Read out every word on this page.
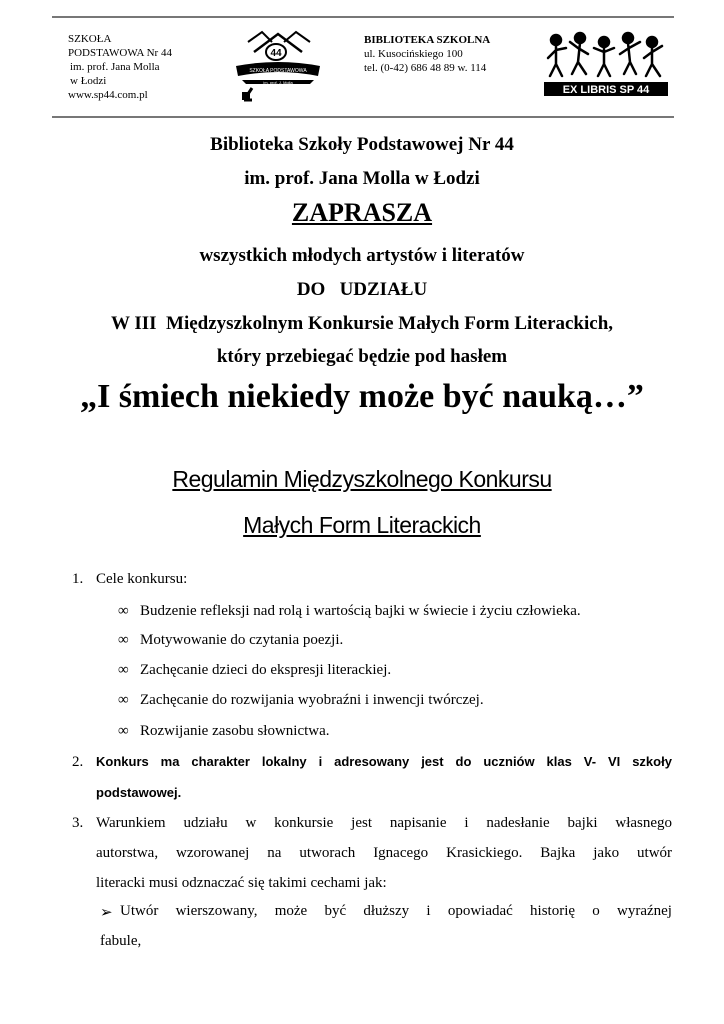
SZKOŁA
PODSTAWOWA Nr 44
im. prof. Jana Molla
w Łodzi
www.sp44.com.pl
44
SZKOŁA PODSTAWOWA
im. prof. J. Molla
BIBLIOTEKA SZKOLNA
ul. Kusocińskiego 100
tel. (0-42) 686 48 89 w. 114
EX LIBRIS SP 44
Biblioteka Szkoły Podstawowej Nr 44
im. prof. Jana Molla w Łodzi
ZAPRASZA
wszystkich młodych artystów i literatów
DO   UDZIAŁU
W III  Międzyszkolnym Konkursie Małych Form Literackich,
który przebiegać będzie pod hasłem
„I śmiech niekiedy może być nauką…”
Regulamin Międzyszkolnego Konkursu
Małych Form Literackich
1. Cele konkursu:
∞ Budzenie refleksji nad rolą i wartością bajki w świecie i życiu człowieka.
∞ Motywowanie do czytania poezji.
∞ Zachęcanie dzieci do ekspresji literackiej.
∞ Zachęcanie do rozwijania wyobraźni i inwencji twórczej.
∞ Rozwijanie zasobu słownictwa.
2. Konkurs ma charakter lokalny i adresowany jest do uczniów klas V- VI szkoły
podstawowej.
3. Warunkiem udziału w konkursie jest napisanie i nadesłanie bajki własnego
autorstwa, wzorowanej na utworach Ignacego Krasickiego. Bajka jako utwór
literacki musi odznaczać się takimi cechami jak:
➢ Utwór wierszowany, może być dłuższy i opowiadać historię o wyraźnej
fabule,
